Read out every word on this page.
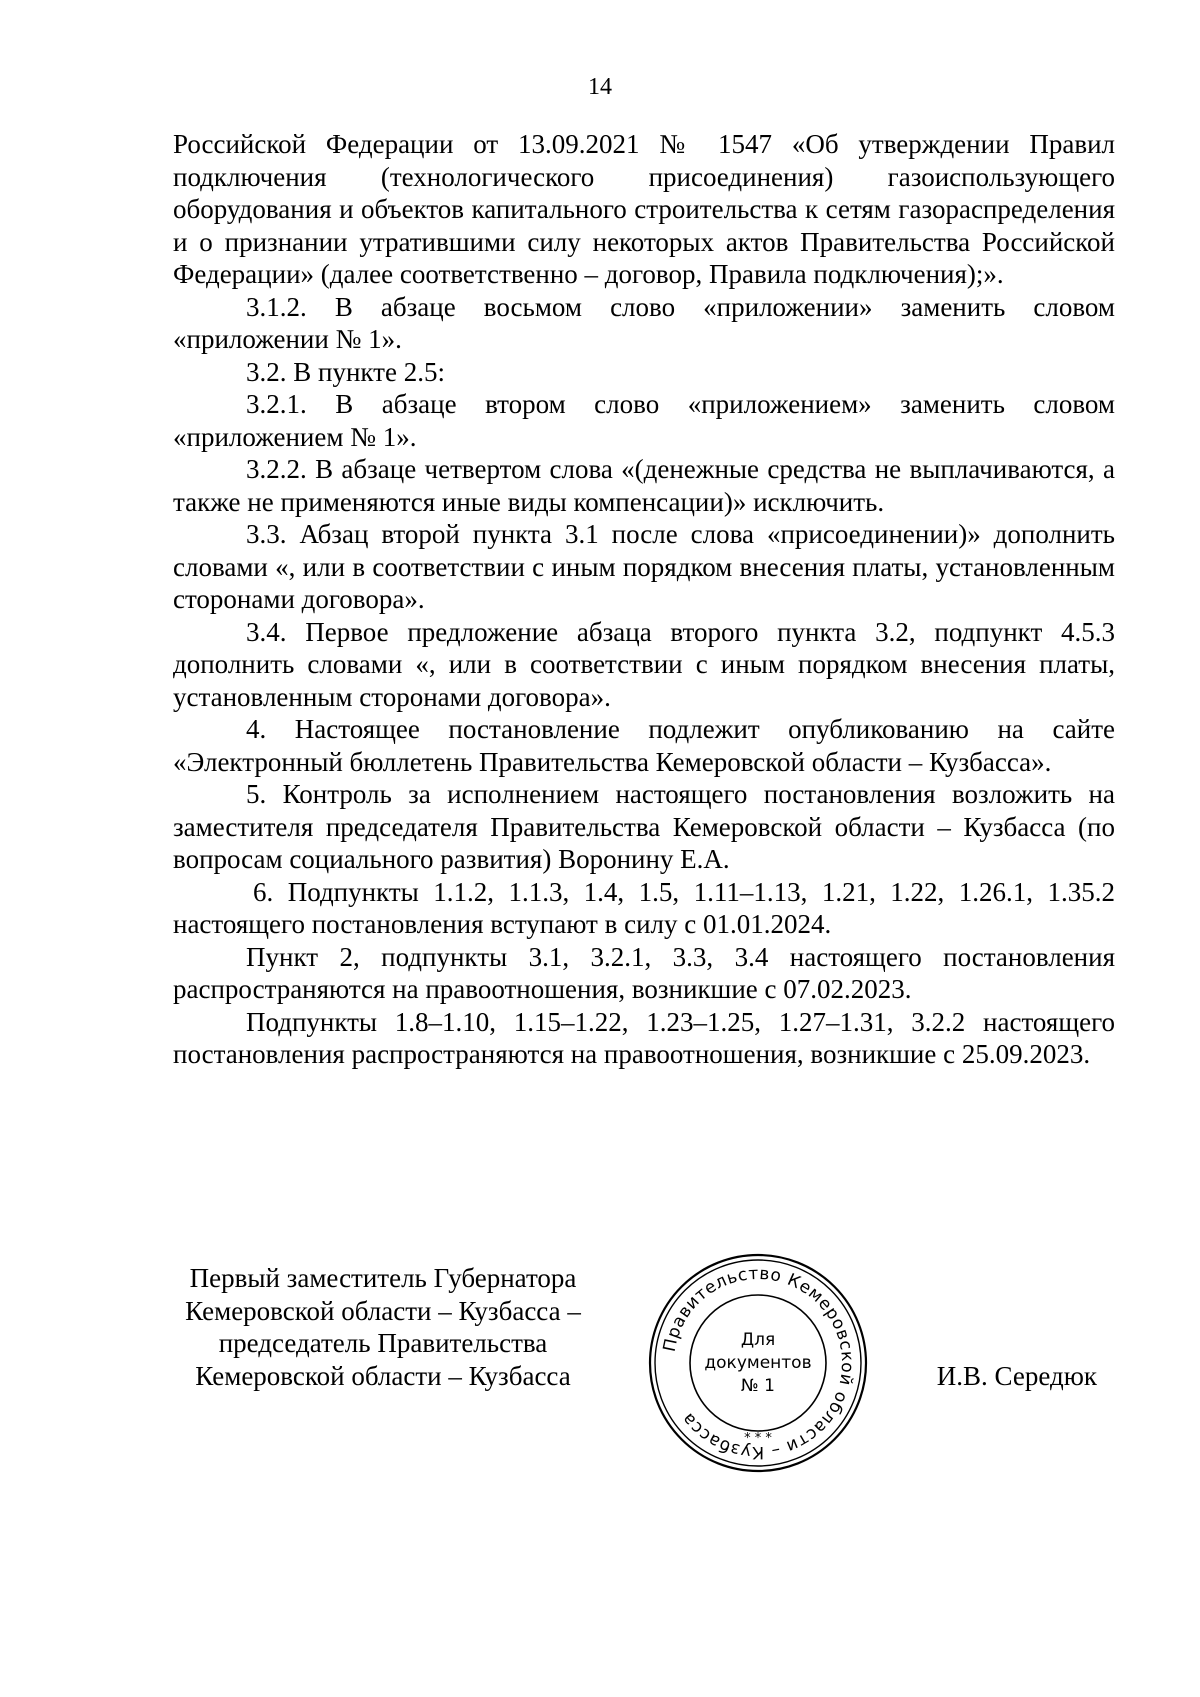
14

Российской Федерации от 13.09.2021 № 1547 «Об утверждении Правил подключения (технологического присоединения) газоиспользующего оборудования и объектов капитального строительства к сетям газораспределения и о признании утратившими силу некоторых актов Правительства Российской Федерации» (далее соответственно – договор, Правила подключения);».

3.1.2. В абзаце восьмом слово «приложении» заменить словом «приложении № 1».

3.2. В пункте 2.5:

3.2.1. В абзаце втором слово «приложением» заменить словом «приложением № 1».

3.2.2. В абзаце четвертом слова «(денежные средства не выплачиваются, а также не применяются иные виды компенсации)» исключить.

3.3. Абзац второй пункта 3.1 после слова «присоединении)» дополнить словами «, или в соответствии с иным порядком внесения платы, установленным сторонами договора».

3.4. Первое предложение абзаца второго пункта 3.2, подпункт 4.5.3 дополнить словами «, или в соответствии с иным порядком внесения платы, установленным сторонами договора».

4. Настоящее постановление подлежит опубликованию на сайте «Электронный бюллетень Правительства Кемеровской области – Кузбасса».

5. Контроль за исполнением настоящего постановления возложить на заместителя председателя Правительства Кемеровской области – Кузбасса (по вопросам социального развития) Воронину Е.А.

6. Подпункты 1.1.2, 1.1.3, 1.4, 1.5, 1.11–1.13, 1.21, 1.22, 1.26.1, 1.35.2 настоящего постановления вступают в силу с 01.01.2024.

Пункт 2, подпункты 3.1, 3.2.1, 3.3, 3.4 настоящего постановления распространяются на правоотношения, возникшие с 07.02.2023.

Подпункты 1.8–1.10, 1.15–1.22, 1.23–1.25, 1.27–1.31, 3.2.2 настоящего постановления распространяются на правоотношения, возникшие с 25.09.2023.

Первый заместитель Губернатора
Кемеровской области – Кузбасса –
председатель Правительства
Кемеровской области – Кузбасса
Правительство Кемеровской области – Кузбасса
* * *
Для
документов
№ 1	И.В. Середюк
